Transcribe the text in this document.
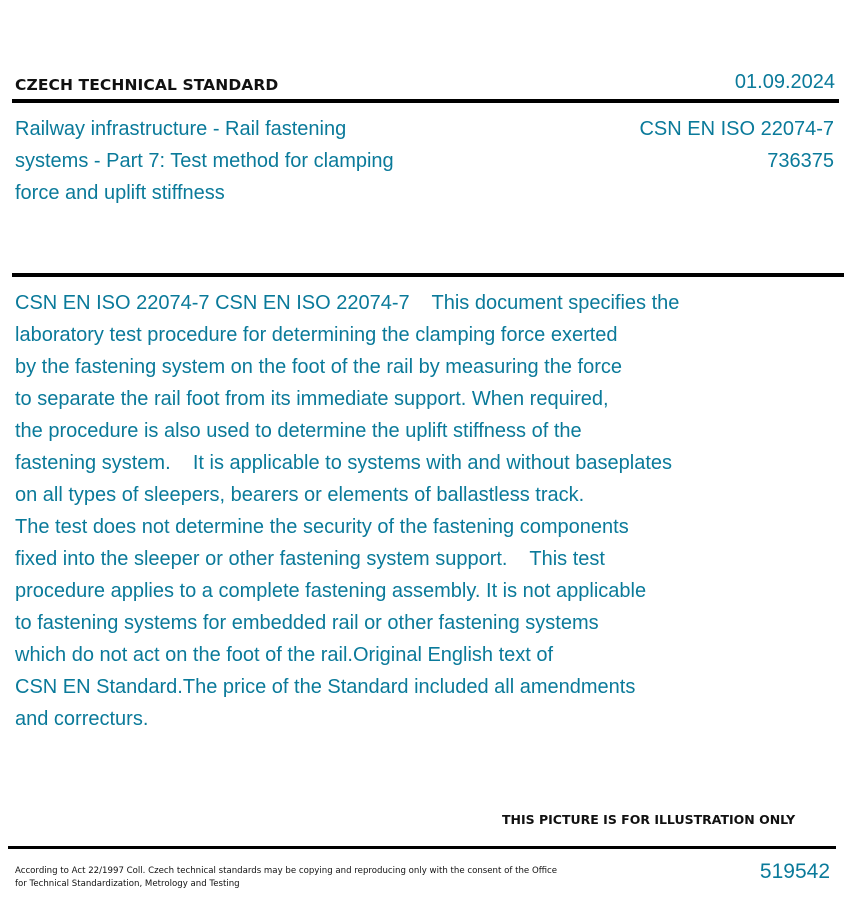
CZECH TECHNICAL STANDARD	01.09.2024
Railway infrastructure - Rail fastening
systems - Part 7: Test method for clamping
force and uplift stiffness
CSN EN ISO 22074-7
736375
CSN EN ISO 22074-7 CSN EN ISO 22074-7    This document specifies the
laboratory test procedure for determining the clamping force exerted
by the fastening system on the foot of the rail by measuring the force
to separate the rail foot from its immediate support. When required,
the procedure is also used to determine the uplift stiffness of the
fastening system.    It is applicable to systems with and without baseplates
on all types of sleepers, bearers or elements of ballastless track.
The test does not determine the security of the fastening components
fixed into the sleeper or other fastening system support.    This test
procedure applies to a complete fastening assembly. It is not applicable
to fastening systems for embedded rail or other fastening systems
which do not act on the foot of the rail.Original English text of
CSN EN Standard.The price of the Standard included all amendments
and correcturs.
THIS PICTURE IS FOR ILLUSTRATION ONLY
According to Act 22/1997 Coll. Czech technical standards may be copying and reproducing only with the consent of the Office
for Technical Standardization, Metrology and Testing
519542
